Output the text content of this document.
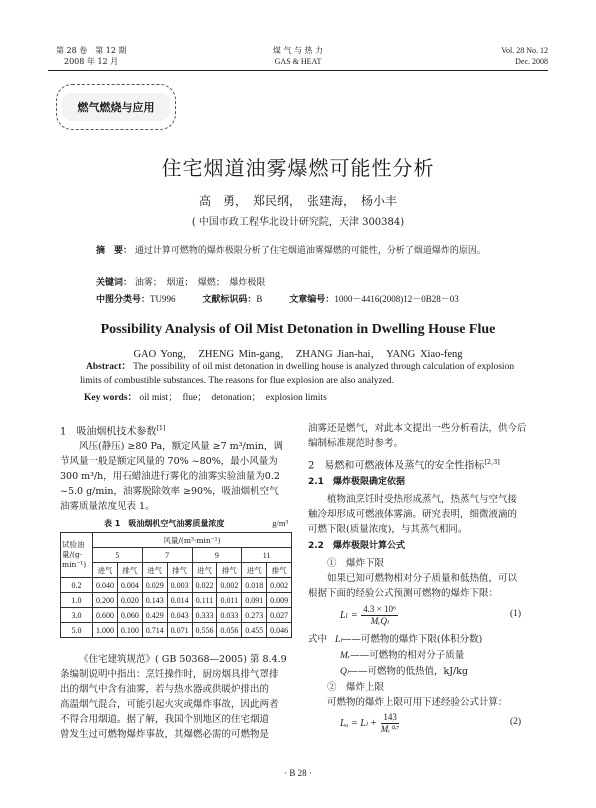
第 28 卷　第 12 期
2008 年 12 月
煤 气 与 热 力
GAS & HEAT
Vol. 28 No. 12
Dec. 2008
燃气燃烧与应用
住宅烟道油雾爆燃可能性分析
高　勇，　郑民纲，　张建海，　杨小丰
( 中国市政工程华北设计研究院，天津 300384)
摘　要： 通过计算可燃物的爆炸极限分析了住宅烟道油雾爆燃的可能性，分析了烟道爆炸的原因。
关键词： 油雾；　烟道；　爆燃；　爆炸极限
中图分类号：TU996	文献标识码：B	文章编号：1000－4416(2008)12－0B28－03
Possibility Analysis of Oil Mist Detonation in Dwelling House Flue
GAO Yong，　ZHENG Min-gang，　ZHANG Jian-hai，　YANG Xiao-feng
Abstract： The possibility of oil mist detonation in dwelling house is analyzed through calculation of explosion limits of combustible substances. The reasons for flue explosion are also analyzed.
Key words： oil mist；　flue；　detonation；　explosion limits
1　吸油烟机技术参数[1]
风压(静压) ≥80 Pa，额定风量 ≥7 m³/min，调
节风量一般是额定风量的 70% ~80%，最小风量为
300 m³/h，用石蜡油进行雾化的油雾实验油量为0.2
~5.0 g/min，油雾脱除效率 ≥90%，吸油烟机空气
油雾质量浓度见表 1。
表 1　吸油烟机空气油雾质量浓度	g/m³
试验油
量/(g·
min⁻¹)	风量/(m³·min⁻¹)							
	5		7		9		11	
	进气	排气	进气	排气	进气	排气	进气	排气
0.2	0.040	0.004	0.029	0.003	0.022	0.002	0.018	0.002
1.0	0.200	0.020	0.143	0.014	0.111	0.011	0.091	0.009
3.0	0.600	0.060	0.429	0.043	0.333	0.033	0.273	0.027
5.0	1.000	0.100	0.714	0.071	0.556	0.056	0.455	0.046
《住宅建筑规范》( GB 50368—2005) 第 8.4.9
条编制说明中指出：烹饪操作时，厨房烟具排气罩排
出的烟气中含有油雾，若与热水器或供暖炉排出的
高温烟气混合，可能引起火灾或爆炸事故，因此两者
不得合用烟道。据了解，我国个别地区的住宅烟道
曾发生过可燃物爆炸事故，其爆燃必需的可燃物是
油雾还是燃气，对此本文提出一些分析看法，供今后
编制标准规范时参考。
2　易燃和可燃液体及蒸气的安全性指标[2,3]
2.1　爆炸极限确定依据
植物油烹饪时受热形成蒸气，热蒸气与空气接
触冷却形成可燃液体雾滴。研究表明，细微液滴的
可燃下限(质量浓度)，与其蒸气相同。
2.2　爆炸极限计算公式
①　爆炸下限
如果已知可燃物相对分子质量和低热值，可以
根据下面的经验公式预测可燃物的爆炸下限：
L $l = \frac{\text{4.3 × 10⁶}}{\text{MᵣQₗ}}$	(1)
式中 Lₗ——可燃物的爆炸下限(体积分数)
Mᵣ——可燃物的相对分子质量
Qₗ——可燃物的低热值，kJ/kg
②　爆炸上限
可燃物的爆炸上限可用下述经验公式计算：
Lᵤ = $L_l + \frac{143}{\text{Mᵣ⁰·⁷}}$	(2)
· B 28 ·
